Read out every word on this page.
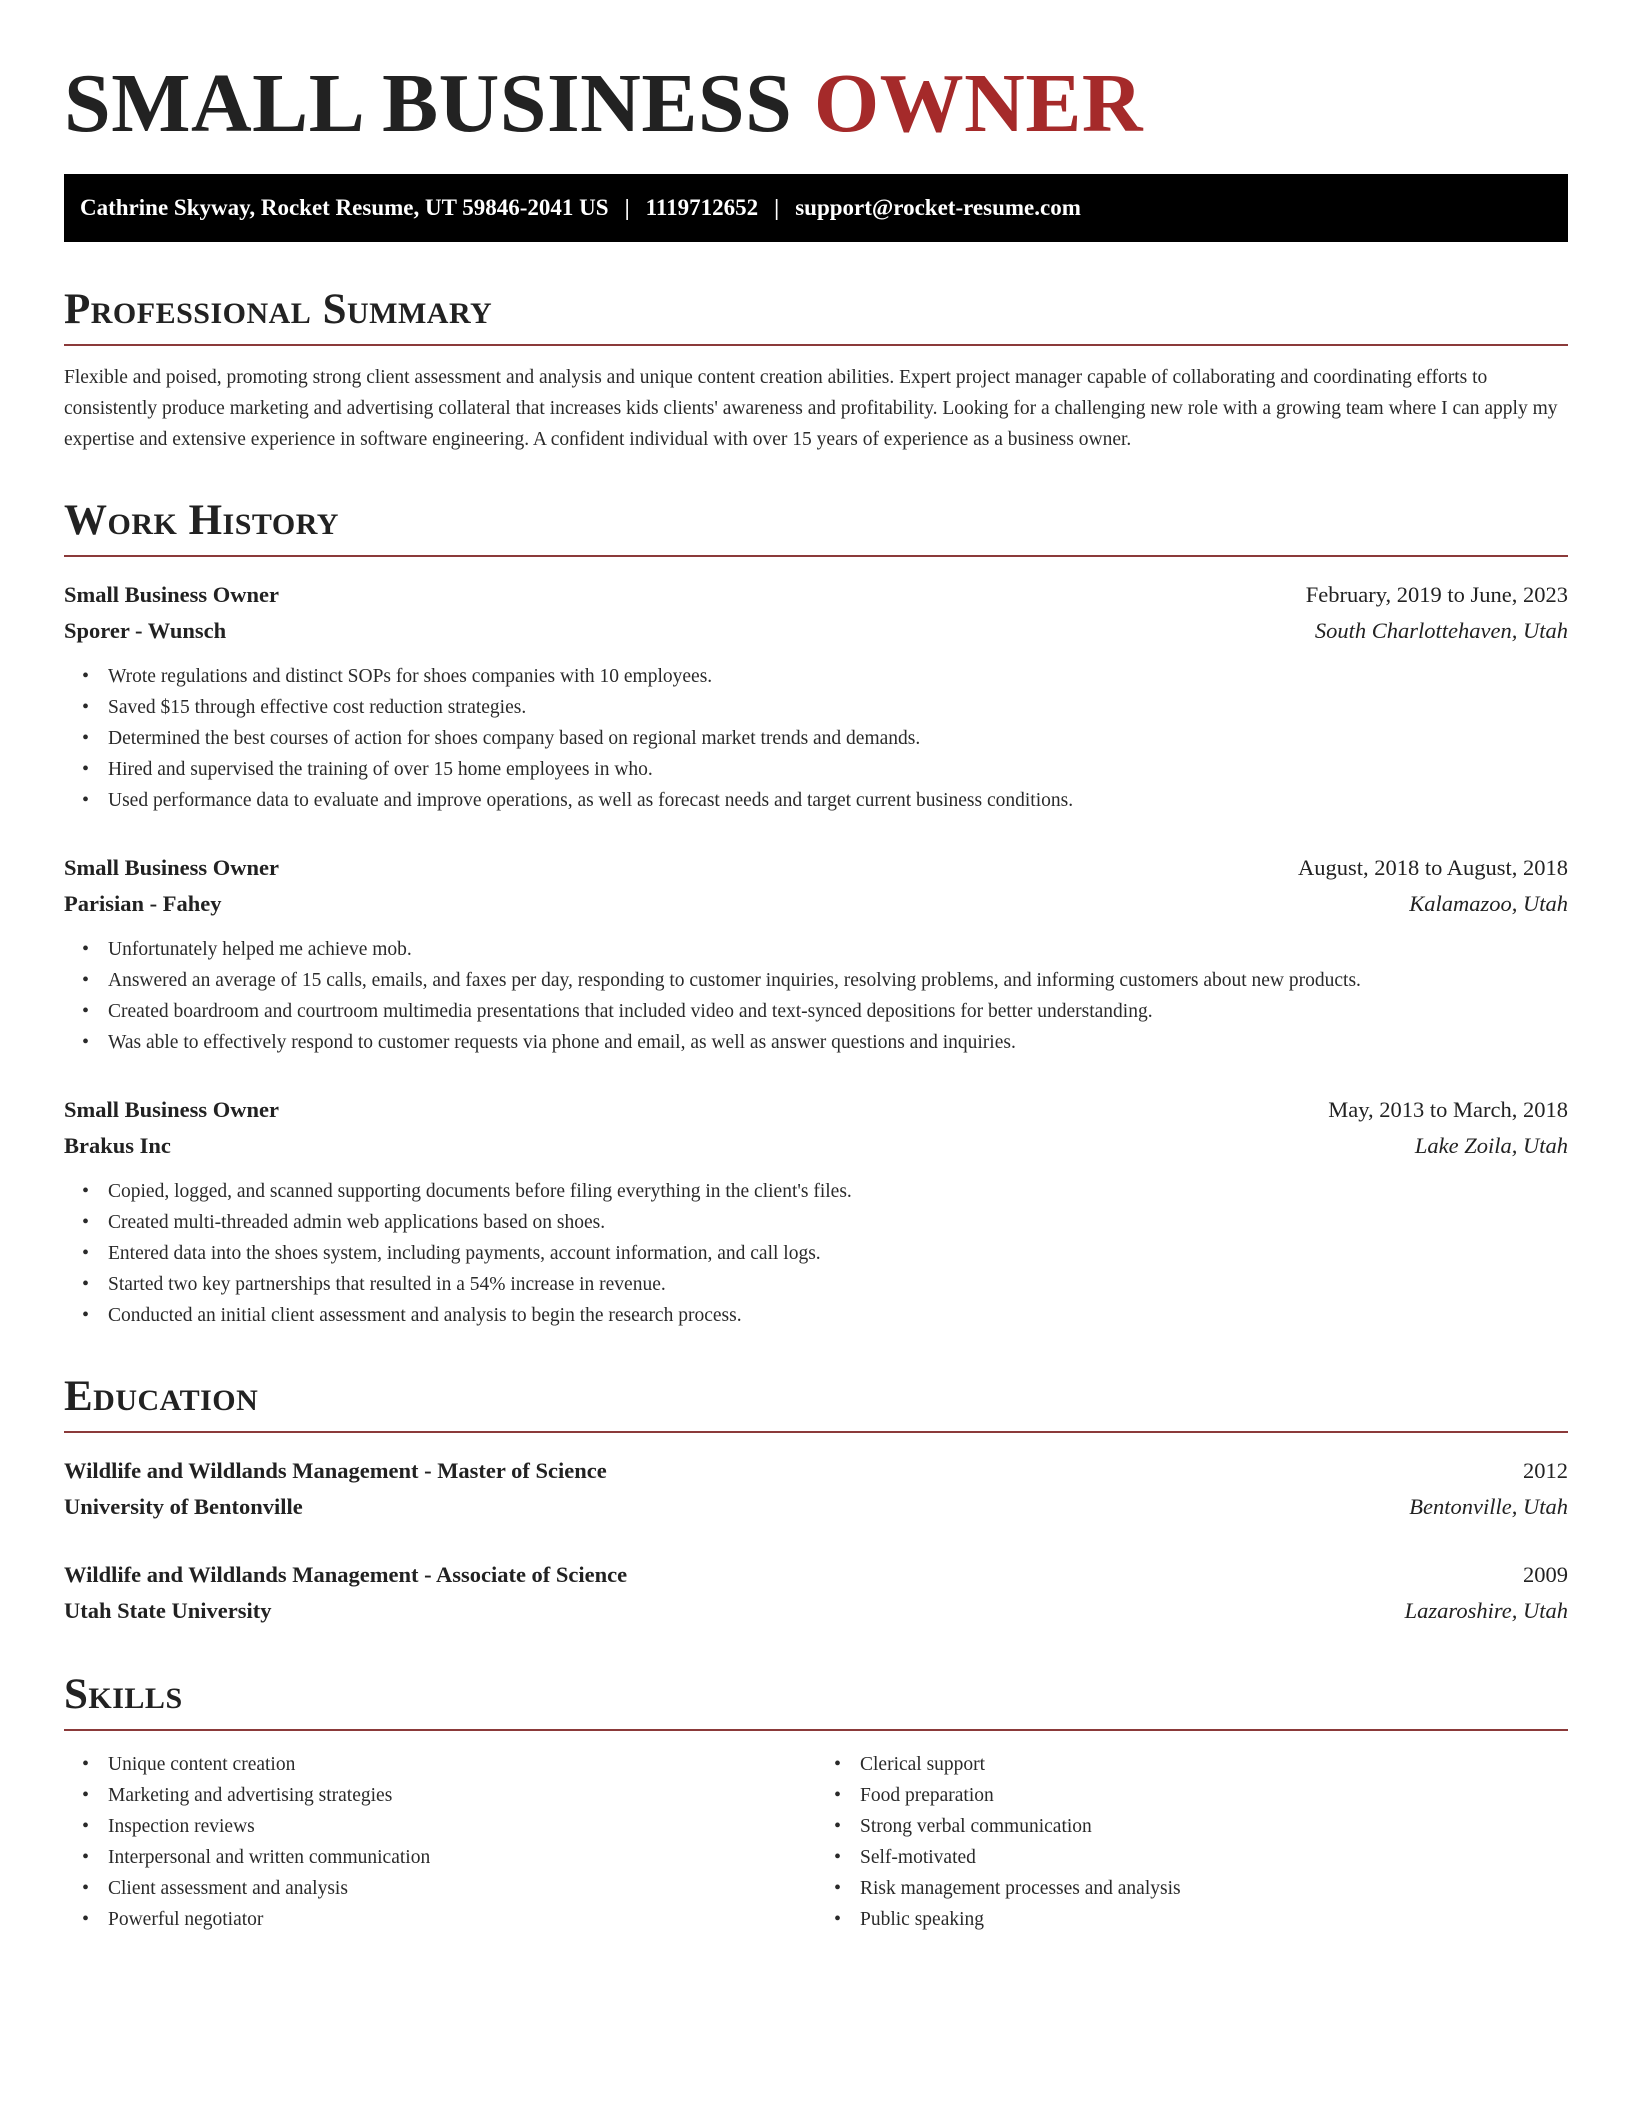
SMALL BUSINESS OWNER
Cathrine Skyway, Rocket Resume, UT 59846-2041 US | 1119712652 | support@rocket-resume.com
Professional Summary

Flexible and poised, promoting strong client assessment and analysis and unique content creation abilities. Expert project manager capable of collaborating and coordinating efforts to consistently produce marketing and advertising collateral that increases kids clients' awareness and profitability. Looking for a challenging new role with a growing team where I can apply my expertise and extensive experience in software engineering. A confident individual with over 15 years of experience as a business owner.

Work History
Small Business Owner	February, 2019 to June, 2023
Sporer - Wunsch	South Charlottehaven, Utah
• Wrote regulations and distinct SOPs for shoes companies with 10 employees.
• Saved $15 through effective cost reduction strategies.
• Determined the best courses of action for shoes company based on regional market trends and demands.
• Hired and supervised the training of over 15 home employees in who.
• Used performance data to evaluate and improve operations, as well as forecast needs and target current business conditions.
Small Business Owner	August, 2018 to August, 2018
Parisian - Fahey	Kalamazoo, Utah
• Unfortunately helped me achieve mob.
• Answered an average of 15 calls, emails, and faxes per day, responding to customer inquiries, resolving problems, and informing customers about new products.
• Created boardroom and courtroom multimedia presentations that included video and text-synced depositions for better understanding.
• Was able to effectively respond to customer requests via phone and email, as well as answer questions and inquiries.
Small Business Owner	May, 2013 to March, 2018
Brakus Inc	Lake Zoila, Utah
• Copied, logged, and scanned supporting documents before filing everything in the client's files.
• Created multi-threaded admin web applications based on shoes.
• Entered data into the shoes system, including payments, account information, and call logs.
• Started two key partnerships that resulted in a 54% increase in revenue.
• Conducted an initial client assessment and analysis to begin the research process.
Education
Wildlife and Wildlands Management - Master of Science	2012
University of Bentonville	Bentonville, Utah
Wildlife and Wildlands Management - Associate of Science	2009
Utah State University	Lazaroshire, Utah
Skills
• Unique content creation
• Marketing and advertising strategies
• Inspection reviews
• Interpersonal and written communication
• Client assessment and analysis
• Powerful negotiator
• Clerical support
• Food preparation
• Strong verbal communication
• Self-motivated
• Risk management processes and analysis
• Public speaking
